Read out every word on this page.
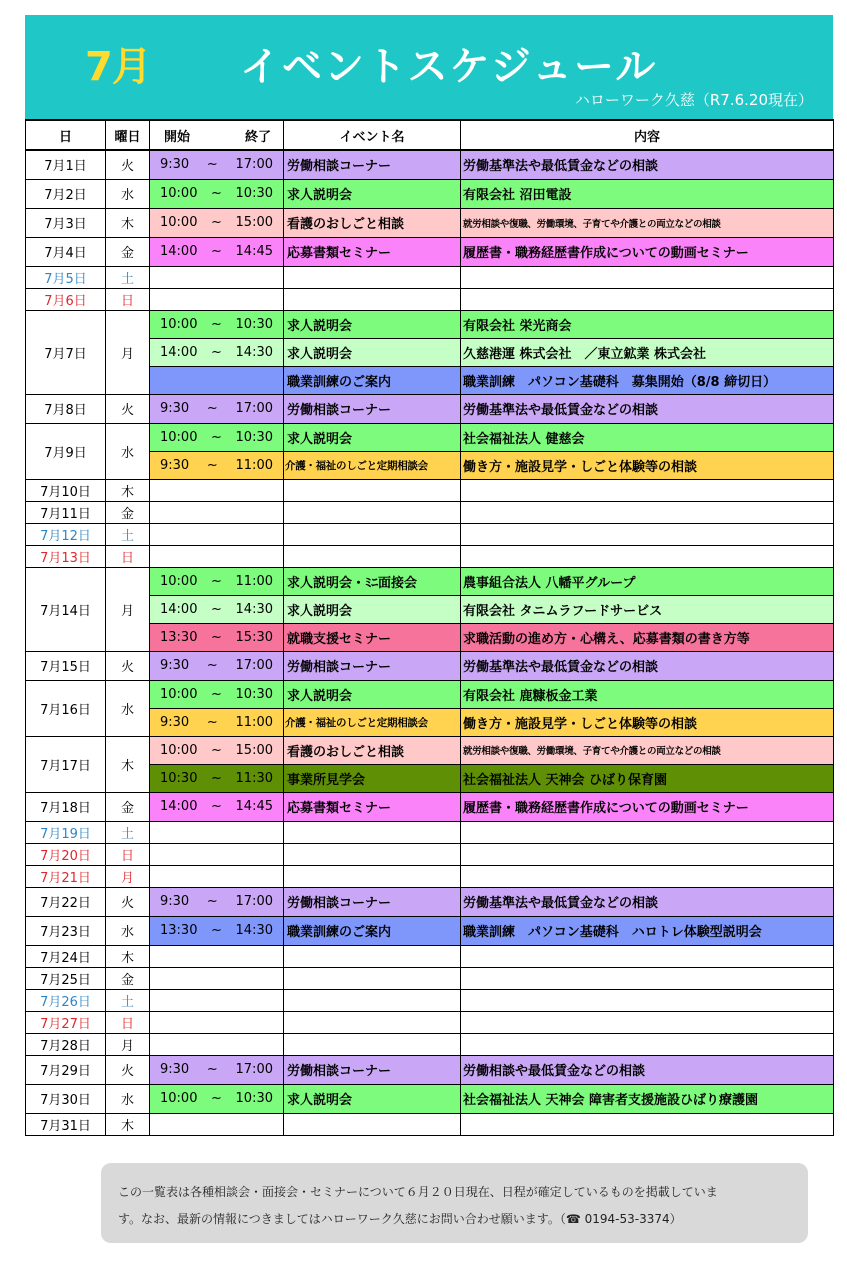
7月 イベントスケジュール
ハローワーク久慈（R7.6.20現在）
日	曜日	開始 終了	イベント名	内容
7月1日	火	9:30 ~ 17:00	労働相談コーナー	労働基準法や最低賃金などの相談
7月2日	水	10:00 ~ 10:30	求人説明会	有限会社 沼田電設
7月3日	木	10:00 ~ 15:00	看護のおしごと相談	就労相談や復職、労働環境、子育てや介護との両立などの相談
7月4日	金	14:00 ~ 14:45	応募書類セミナー	履歴書・職務経歴書作成についての動画セミナー
7月5日	土			
7月6日	日			
7月7日	月	10:00 ~ 10:30	求人説明会	有限会社 栄光商会

		14:00 ~ 14:30	求人説明会	久慈港運 株式会社　／東立鉱業 株式会社
			職業訓練のご案内	職業訓練　パソコン基礎科　募集開始（8/8 締切日）
7月8日	火	9:30 ~ 17:00	労働相談コーナー	労働基準法や最低賃金などの相談
7月9日	水	10:00 ~ 10:30	求人説明会	社会福祉法人 健慈会

		9:30 ~ 11:00	介護・福祉のしごと定期相談会	働き方・施設見学・しごと体験等の相談
7月10日	木			
7月11日	金			
7月12日	土			
7月13日	日			
7月14日	月	10:00 ~ 11:00	求人説明会・ﾐﾆ面接会	農事組合法人 八幡平グループ

		14:00 ~ 14:30	求人説明会	有限会社 タニムラフードサービス

		13:30 ~ 15:30	就職支援セミナー	求職活動の進め方・心構え、応募書類の書き方等
7月15日	火	9:30 ~ 17:00	労働相談コーナー	労働基準法や最低賃金などの相談
7月16日	水	10:00 ~ 10:30	求人説明会	有限会社 鹿糠板金工業

		9:30 ~ 11:00	介護・福祉のしごと定期相談会	働き方・施設見学・しごと体験等の相談
7月17日	木	10:00 ~ 15:00	看護のおしごと相談	就労相談や復職、労働環境、子育てや介護との両立などの相談

		10:30 ~ 11:30	事業所見学会	社会福祉法人 天神会 ひばり保育園
7月18日	金	14:00 ~ 14:45	応募書類セミナー	履歴書・職務経歴書作成についての動画セミナー
7月19日	土			
7月20日	日			
7月21日	月			
7月22日	火	9:30 ~ 17:00	労働相談コーナー	労働基準法や最低賃金などの相談
7月23日	水	13:30 ~ 14:30	職業訓練のご案内	職業訓練　パソコン基礎科　ハロトレ体験型説明会
7月24日	木			
7月25日	金			
7月26日	土			
7月27日	日			
7月28日	月			
7月29日	火	9:30 ~ 17:00	労働相談コーナー	労働相談や最低賃金などの相談
7月30日	水	10:00 ~ 10:30	求人説明会	社会福祉法人 天神会 障害者支援施設ひばり療護園
7月31日	木			

この一覧表は各種相談会・面接会・セミナーについて６月２０日現在、日程が確定しているものを掲載していま

す。なお、最新の情報につきましてはハローワーク久慈にお問い合わせ願います。（☎ 0194-53-3374）
